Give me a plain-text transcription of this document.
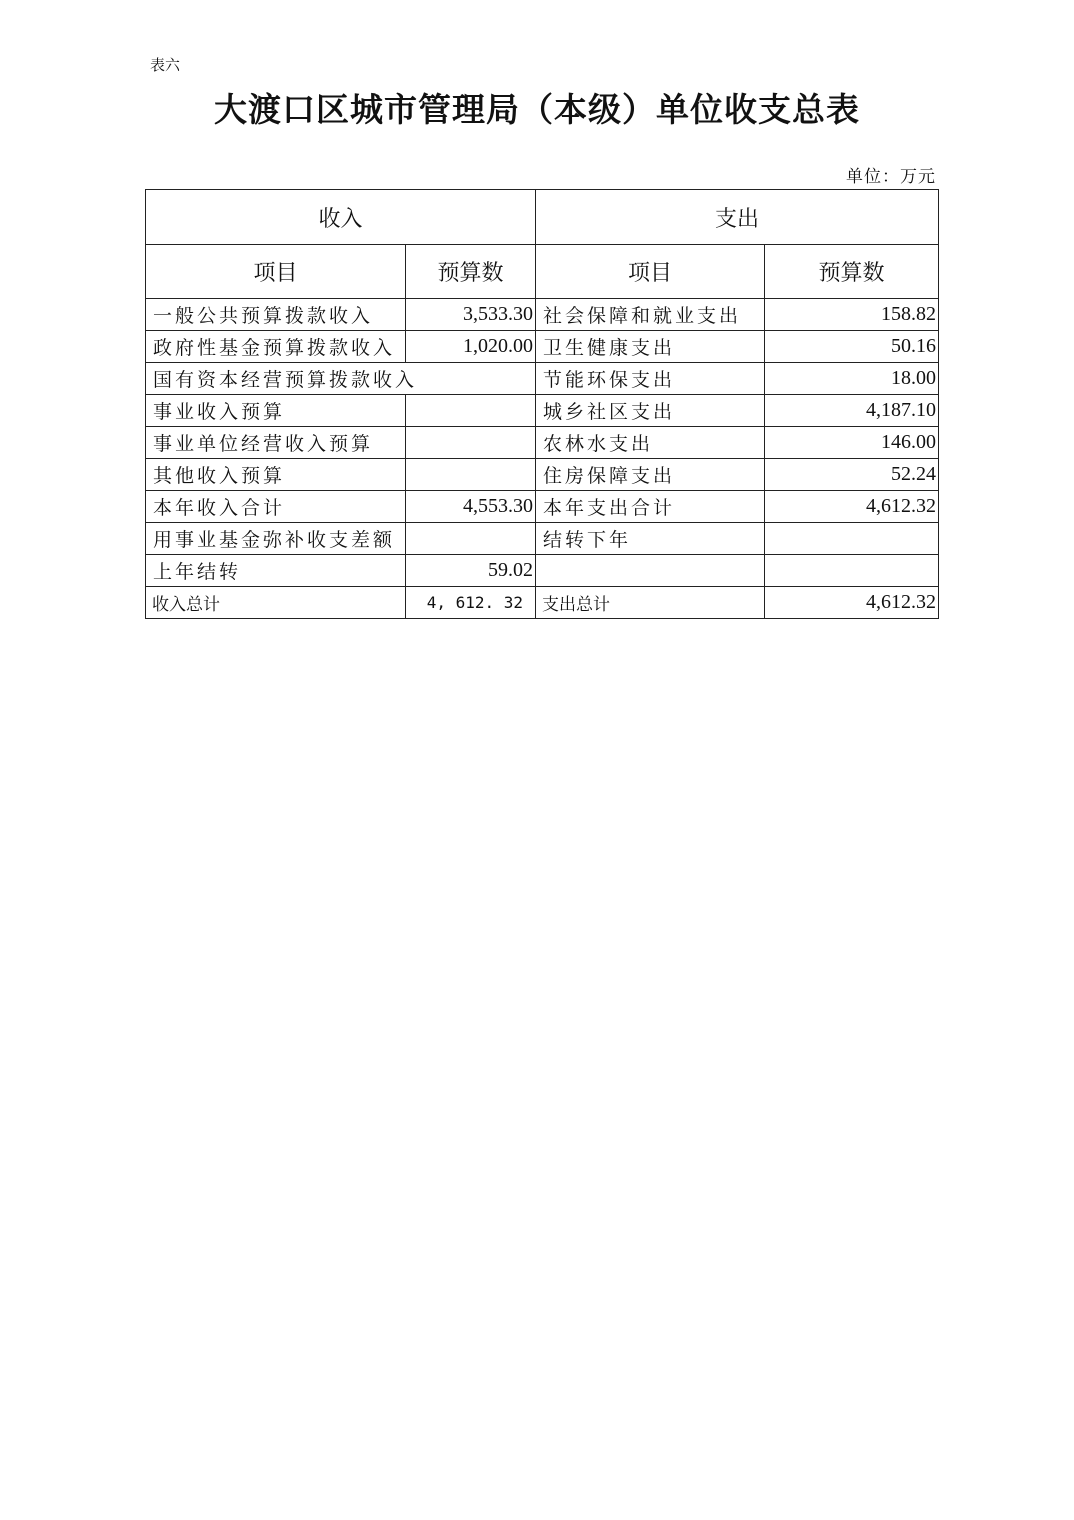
表六
大渡口区城市管理局（本级）单位收支总表
单位：万元
收入		支出	
项目	预算数	项目	预算数
一般公共预算拨款收入	3,533.30	社会保障和就业支出	158.82
政府性基金预算拨款收入	1,020.00	卫生健康支出	50.16
国有资本经营预算拨款收入		节能环保支出	18.00
事业收入预算		城乡社区支出	4,187.10
事业单位经营收入预算		农林水支出	146.00
其他收入预算		住房保障支出	52.24
本年收入合计	4,553.30	本年支出合计	4,612.32
用事业基金弥补收支差额		结转下年	
上年结转	59.02		
收入总计	4, 612. 32	支出总计	4,612.32
